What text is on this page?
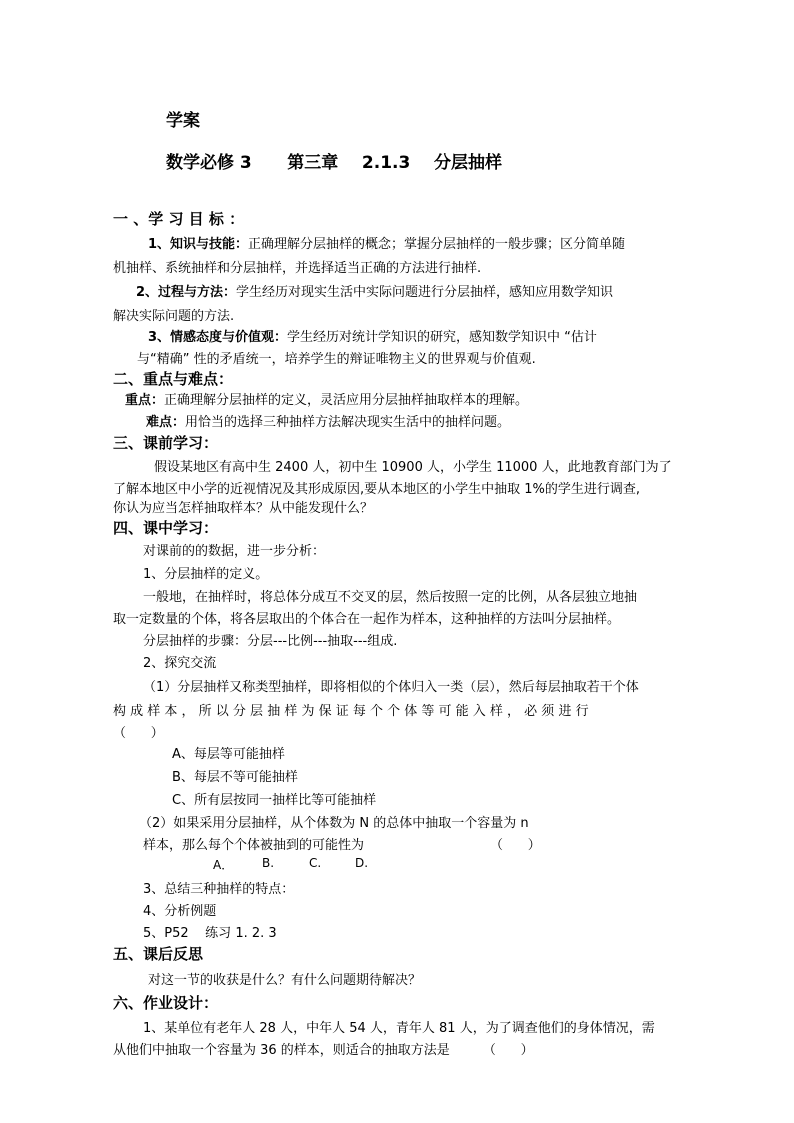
学案
数学必修 3      第三章    2.1.3    分层抽样
一 、学 习 目 标 ：
1、知识与技能：正确理解分层抽样的概念；掌握分层抽样的一般步骤；区分简单随
机抽样、系统抽样和分层抽样，并选择适当正确的方法进行抽样.
2、过程与方法：学生经历对现实生活中实际问题进行分层抽样，感知应用数学知识
解决实际问题的方法.
3、情感态度与价值观：学生经历对统计学知识的研究，感知数学知识中 “估计
与“精确” 性的矛盾统一，培养学生的辩证唯物主义的世界观与价值观.
二、重点与难点：
重点：正确理解分层抽样的定义，灵活应用分层抽样抽取样本的理解。
难点：用恰当的选择三种抽样方法解决现实生活中的抽样问题。
三、课前学习：
假设某地区有高中生 2400 人，初中生 10900 人，小学生 11000 人，此地教育部门为了
了解本地区中小学的近视情况及其形成原因,要从本地区的小学生中抽取 1%的学生进行调查,
你认为应当怎样抽取样本？从中能发现什么？
四、课中学习：
对课前的的数据，进一步分析：
1、分层抽样的定义。
一般地，在抽样时，将总体分成互不交叉的层，然后按照一定的比例，从各层独立地抽
取一定数量的个体，将各层取出的个体合在一起作为样本，这种抽样的方法叫分层抽样。
分层抽样的步骤：分层---比例---抽取---组成.
2、探究交流
（1）分层抽样又称类型抽样，即将相似的个体归入一类（层），然后每层抽取若干个体
构 成 样 本 ， 所 以 分 层 抽 样 为 保 证 每 个 个 体 等 可 能 入 样 ， 必 须 进 行
（      ）
A、每层等可能抽样
B、每层不等可能抽样
C、所有层按同一抽样比等可能抽样
（2）如果采用分层抽样，从个体数为 N 的总体中抽取一个容量为 n
样本，那么每个个体被抽到的可能性为	（      ）
A． B.	C.	D.
3、总结三种抽样的特点：
4、分析例题
5、P52    练习 1. 2. 3
五、课后反思
对这一节的收获是什么？有什么问题期待解决？
六、作业设计：
1、某单位有老年人 28 人，中年人 54 人，青年人 81 人，为了调查他们的身体情况，需
从他们中抽取一个容量为 36 的样本，则适合的抽取方法是        （      ）
